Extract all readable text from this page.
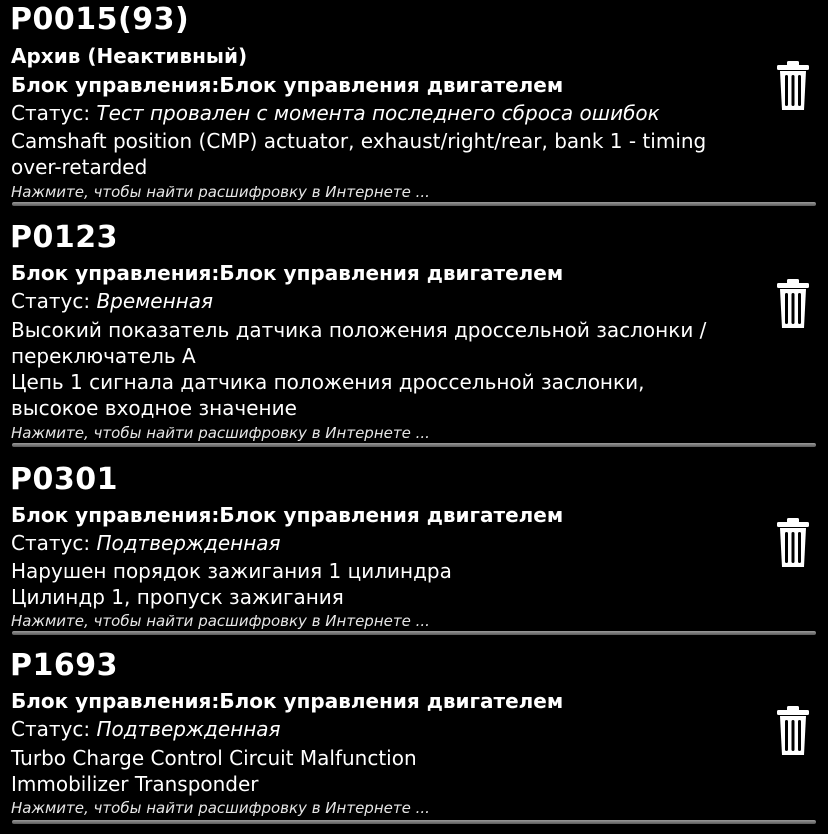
P0015(93)
Архив (Неактивный)
Блок управления:Блок управления двигателем
Статус: Тест провален с момента последнего сброса ошибок
Camshaft position (CMP) actuator, exhaust/right/rear, bank 1 - timing
over-retarded
Нажмите, чтобы найти расшифровку в Интернете ...
P0123
Блок управления:Блок управления двигателем
Статус: Временная
Высокий показатель датчика положения дроссельной заслонки /
переключатель А
Цепь 1 сигнала датчика положения дроссельной заслонки,
высокое входное значение
Нажмите, чтобы найти расшифровку в Интернете ...
P0301
Блок управления:Блок управления двигателем
Статус: Подтвержденная
Нарушен порядок зажигания 1 цилиндра
Цилиндр 1, пропуск зажигания
Нажмите, чтобы найти расшифровку в Интернете ...
P1693
Блок управления:Блок управления двигателем
Статус: Подтвержденная
Turbo Charge Control Circuit Malfunction
Immobilizer Transponder
Нажмите, чтобы найти расшифровку в Интернете ...
